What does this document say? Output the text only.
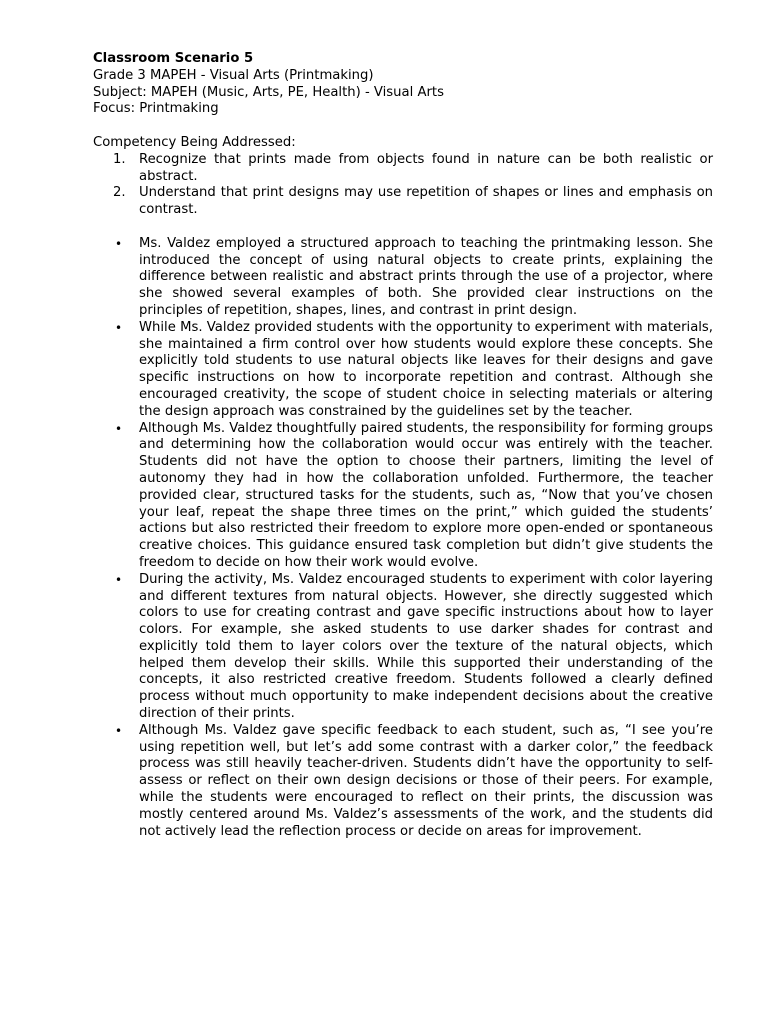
Classroom Scenario 5
Grade 3 MAPEH - Visual Arts (Printmaking)
Subject: MAPEH (Music, Arts, PE, Health) - Visual Arts
Focus: Printmaking
Competency Being Addressed:
1. Recognize that prints made from objects found in nature can be both realistic or abstract.
2. Understand that print designs may use repetition of shapes or lines and emphasis on contrast.
• Ms. Valdez employed a structured approach to teaching the printmaking lesson. She introduced the concept of using natural objects to create prints, explaining the difference between realistic and abstract prints through the use of a projector, where she showed several examples of both. She provided clear instructions on the principles of repetition, shapes, lines, and contrast in print design.
• While Ms. Valdez provided students with the opportunity to experiment with materials, she maintained a firm control over how students would explore these concepts. She explicitly told students to use natural objects like leaves for their designs and gave specific instructions on how to incorporate repetition and contrast. Although she encouraged creativity, the scope of student choice in selecting materials or altering the design approach was constrained by the guidelines set by the teacher.
• Although Ms. Valdez thoughtfully paired students, the responsibility for forming groups and determining how the collaboration would occur was entirely with the teacher. Students did not have the option to choose their partners, limiting the level of autonomy they had in how the collaboration unfolded. Furthermore, the teacher provided clear, structured tasks for the students, such as, “Now that you’ve chosen your leaf, repeat the shape three times on the print,” which guided the students’ actions but also restricted their freedom to explore more open-ended or spontaneous creative choices. This guidance ensured task completion but didn’t give students the freedom to decide on how their work would evolve.
• During the activity, Ms. Valdez encouraged students to experiment with color layering and different textures from natural objects. However, she directly suggested which colors to use for creating contrast and gave specific instructions about how to layer colors. For example, she asked students to use darker shades for contrast and explicitly told them to layer colors over the texture of the natural objects, which helped them develop their skills. While this supported their understanding of the concepts, it also restricted creative freedom. Students followed a clearly defined process without much opportunity to make independent decisions about the creative direction of their prints.
• Although Ms. Valdez gave specific feedback to each student, such as, “I see you’re using repetition well, but let’s add some contrast with a darker color,” the feedback process was still heavily teacher-driven. Students didn’t have the opportunity to self-assess or reflect on their own design decisions or those of their peers. For example, while the students were encouraged to reflect on their prints, the discussion was mostly centered around Ms. Valdez’s assessments of the work, and the students did not actively lead the reflection process or decide on areas for improvement.
